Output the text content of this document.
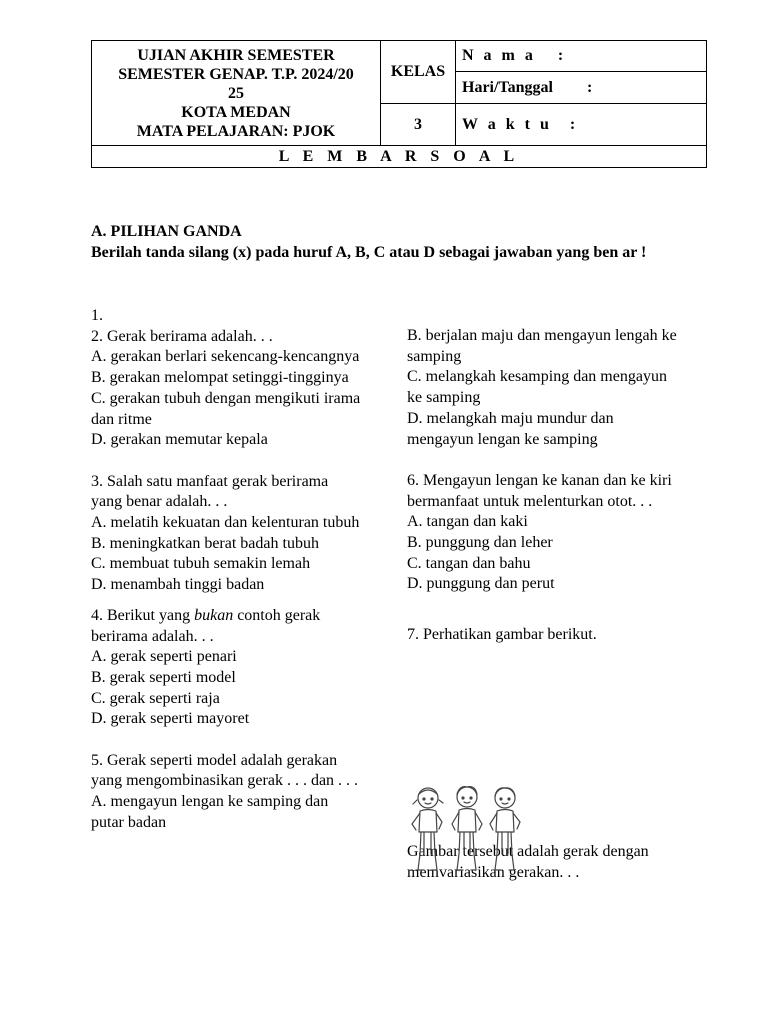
UJIAN AKHIR SEMESTER
SEMESTER GENAP. T.P. 2024/20
25
KOTA MEDAN
MATA PELAJARAN: PJOK	KELAS	N a m a :
		Hari/Tanggal :
	3	W a k t u :
L E M B A R S O A L		
A. PILIHAN GANDA
Berilah tanda silang (x) pada huruf A, B, C atau D sebagai jawaban yang ben ar !

1.

2. Gerak berirama adalah. . .

A. gerakan berlari sekencang-kencangnya

B. gerakan melompat setinggi-tingginya

C. gerakan tubuh dengan mengikuti irama dan ritme

D. gerakan memutar kepala

3. Salah satu manfaat gerak berirama yang benar adalah. . .

A. melatih kekuatan dan kelenturan tubuh

B. meningkatkan berat badah tubuh

C. membuat tubuh semakin lemah

D. menambah tinggi badan

4. Berikut yang bukan contoh gerak berirama adalah. . .

A. gerak seperti penari

B. gerak seperti model

C. gerak seperti raja

D. gerak seperti mayoret

5. Gerak seperti model adalah gerakan yang mengombinasikan gerak . . . dan . . .

A. mengayun lengan ke samping dan putar badan

B. berjalan maju dan mengayun lengah ke samping

C. melangkah kesamping dan mengayun ke samping

D. melangkah maju mundur dan mengayun lengan ke samping

6. Mengayun lengan ke kanan dan ke kiri bermanfaat untuk melenturkan otot. . .

A. tangan dan kaki

B. punggung dan leher

C. tangan dan bahu

D. punggung dan perut

7. Perhatikan gambar berikut.

Gambar tersebut adalah gerak dengan memvariasikan gerakan. . .
